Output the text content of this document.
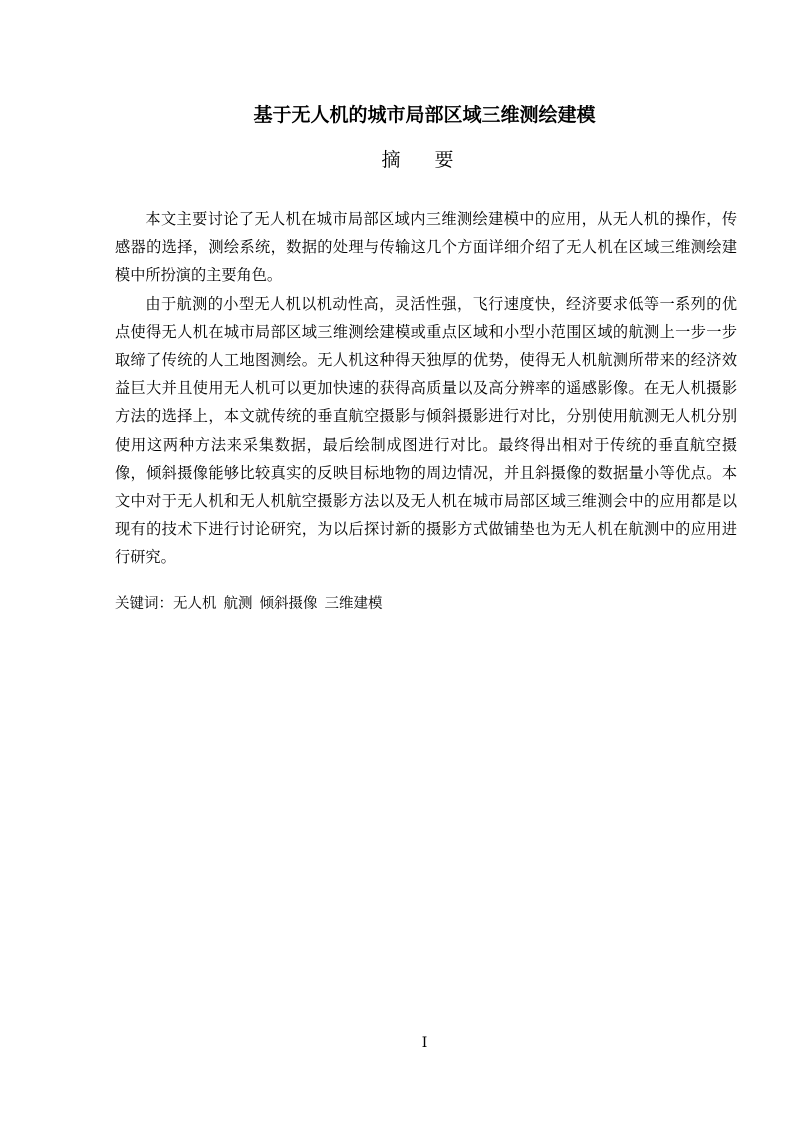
基于无人机的城市局部区域三维测绘建模
摘 要

本文主要讨论了无人机在城市局部区域内三维测绘建模中的应用，从无人机的操作，传感器的选择，测绘系统，数据的处理与传输这几个方面详细介绍了无人机在区域三维测绘建模中所扮演的主要角色。

由于航测的小型无人机以机动性高，灵活性强，飞行速度快，经济要求低等一系列的优点使得无人机在城市局部区域三维测绘建模或重点区域和小型小范围区域的航测上一步一步取缔了传统的人工地图测绘。无人机这种得天独厚的优势，使得无人机航测所带来的经济效益巨大并且使用无人机可以更加快速的获得高质量以及高分辨率的遥感影像。在无人机摄影方法的选择上，本文就传统的垂直航空摄影与倾斜摄影进行对比，分别使用航测无人机分别使用这两种方法来采集数据，最后绘制成图进行对比。最终得出相对于传统的垂直航空摄像，倾斜摄像能够比较真实的反映目标地物的周边情况，并且斜摄像的数据量小等优点。本文中对于无人机和无人机航空摄影方法以及无人机在城市局部区域三维测会中的应用都是以现有的技术下进行讨论研究，为以后探讨新的摄影方式做铺垫也为无人机在航测中的应用进行研究。

关键词：无人机 航测 倾斜摄像 三维建模
I
